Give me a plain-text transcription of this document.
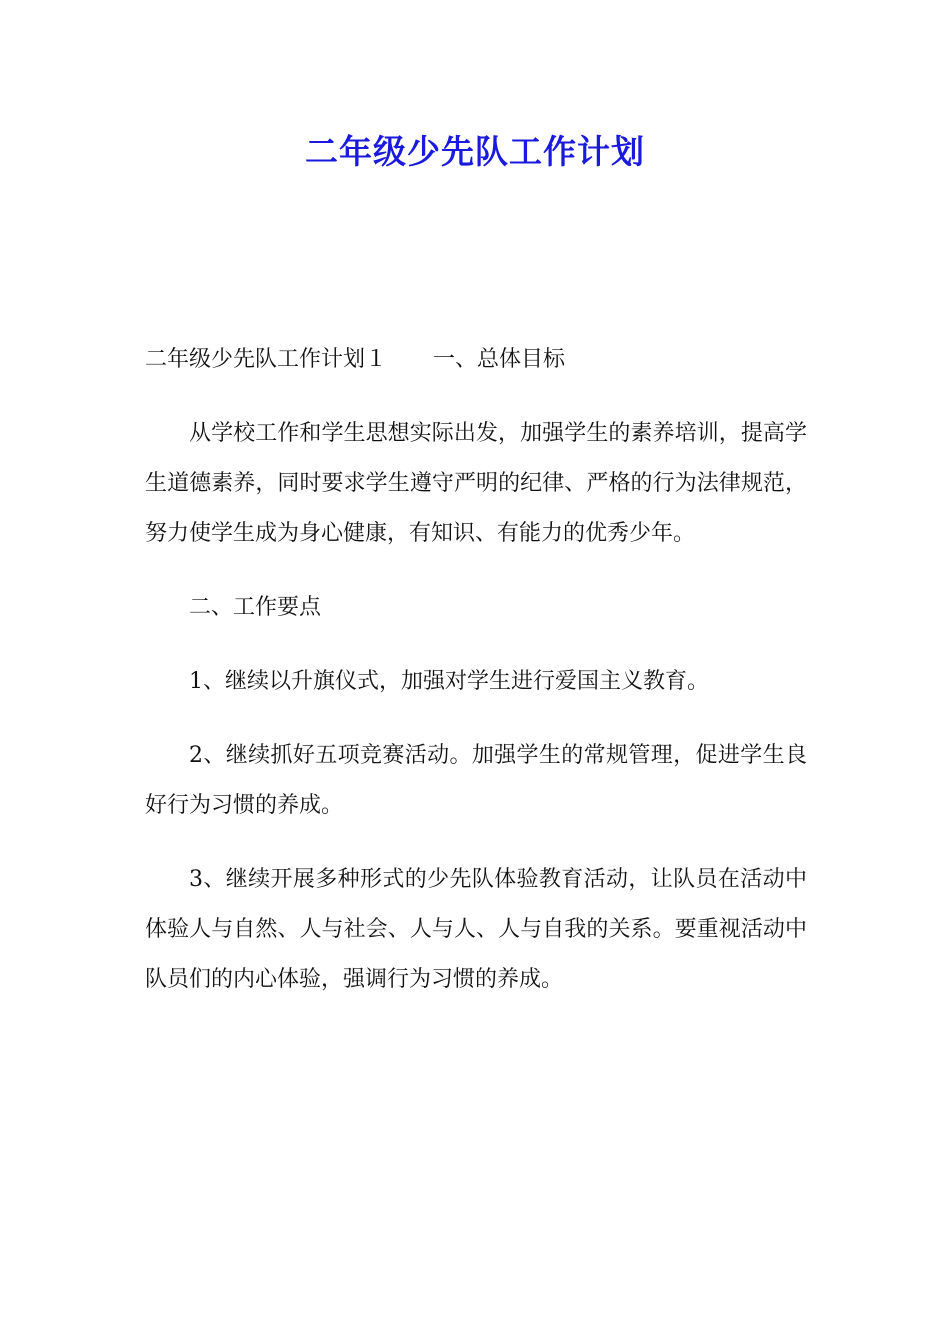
二年级少先队工作计划

二年级少先队工作计划１ 一、总体目标

从学校工作和学生思想实际出发，加强学生的素养培训，提高学生道德素养，同时要求学生遵守严明的纪律、严格的行为法律规范，努力使学生成为身心健康，有知识、有能力的优秀少年。

二、工作要点

1、继续以升旗仪式，加强对学生进行爱国主义教育。

2、继续抓好五项竞赛活动。加强学生的常规管理，促进学生良好行为习惯的养成。

3、继续开展多种形式的少先队体验教育活动，让队员在活动中体验人与自然、人与社会、人与人、人与自我的关系。要重视活动中队员们的内心体验，强调行为习惯的养成。
